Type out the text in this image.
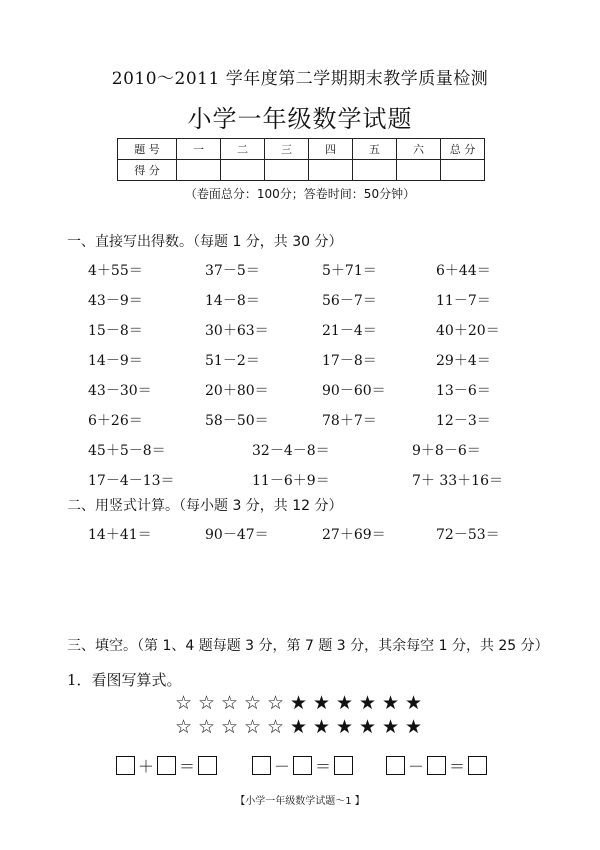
2010～2011 学年度第二学期期末教学质量检测
小学一年级数学试题
题 号	一	二	三	四	五	六	总 分
得 分							
（卷面总分：100分；答卷时间：50分钟）
一、直接写出得数。（每题 1 分，共 30 分）
4＋55＝	37－5＝	5＋71＝	6＋44＝
43－9＝	14－8＝	56－7＝	11－7＝
15－8＝	30＋63＝	21－4＝	40＋20＝
14－9＝	51－2＝	17－8＝	29＋4＝
43－30＝	20＋80＝	90－60＝	13－6＝
6＋26＝	58－50＝	78＋7＝	12－3＝
45＋5－8＝	32－4－8＝	9＋8－6＝
17－4－13＝	11－6＋9＝	7＋ 33＋16＝
二、用竖式计算。（每小题 3 分，共 12 分）
14＋41＝	90－47＝	27＋69＝	72－53＝
三、填空。（第 1、4 题每题 3 分，第 7 题 3 分，其余每空 1 分，共 25 分）
1．看图写算式。
☆ ☆ ☆ ☆ ☆ ★ ★ ★ ★ ★ ★
☆ ☆ ☆ ☆ ☆ ★ ★ ★ ★ ★ ★
＋ ＝	－ ＝	－ ＝
【小学一年级数学试题～1 】
